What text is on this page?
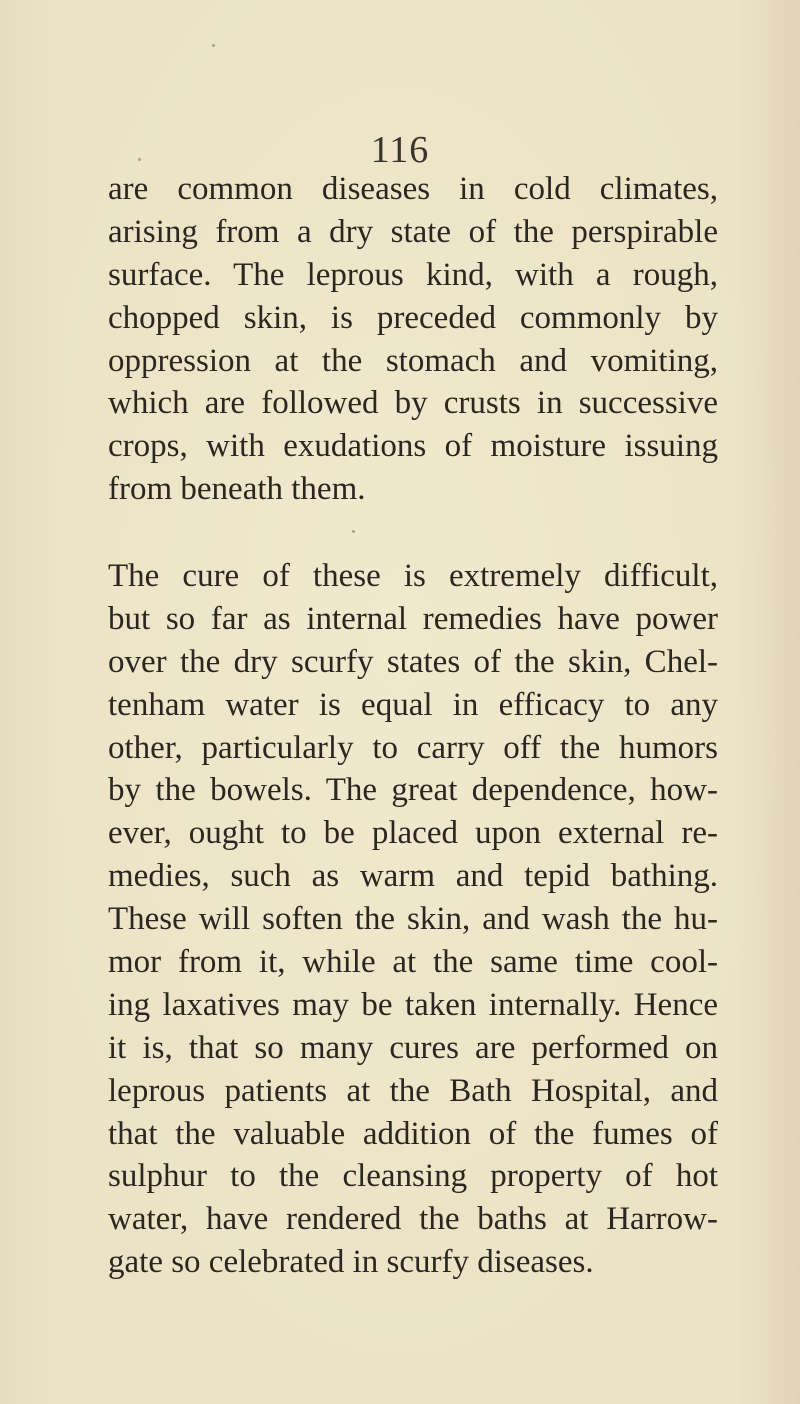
116
are common diseases in cold climates,
arising from a dry state of the perspirable
surface. The leprous kind, with a rough,
chopped skin, is preceded commonly by
oppression at the stomach and vomiting,
which are followed by crusts in successive
crops, with exudations of moisture issuing
from beneath them.
The cure of these is extremely difficult,
but so far as internal remedies have power
over the dry scurfy states of the skin, Chel-
tenham water is equal in efficacy to any
other, particularly to carry off the humors
by the bowels. The great dependence, how-
ever, ought to be placed upon external re-
medies, such as warm and tepid bathing.
These will soften the skin, and wash the hu-
mor from it, while at the same time cool-
ing laxatives may be taken internally. Hence
it is, that so many cures are performed on
leprous patients at the Bath Hospital, and
that the valuable addition of the fumes of
sulphur to the cleansing property of hot
water, have rendered the baths at Harrow-
gate so celebrated in scurfy diseases.
